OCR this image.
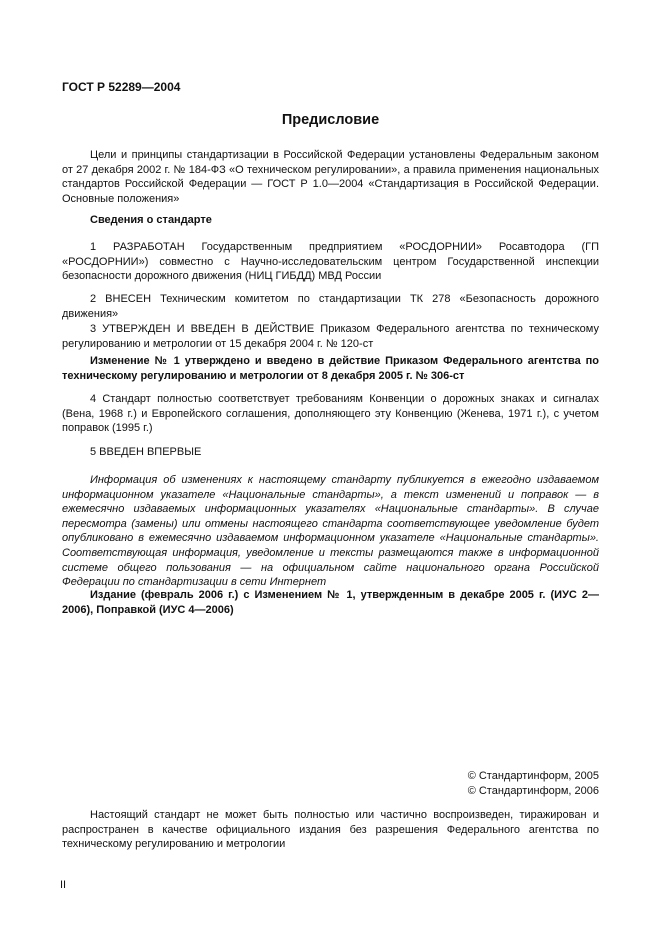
ГОСТ Р 52289—2004
Предисловие

Цели и принципы стандартизации в Российской Федерации установлены Федеральным законом от 27 декабря 2002 г. № 184-ФЗ «О техническом регулировании», а правила применения национальных стандартов Российской Федерации — ГОСТ Р 1.0—2004 «Стандартизация в Российской Федерации. Основные положения»

Сведения о стандарте

1 РАЗРАБОТАН Государственным предприятием «РОСДОРНИИ» Росавтодора (ГП «РОСДОРНИИ») совместно с Научно-исследовательским центром Государственной инспекции безопасности дорожного движения (НИЦ ГИБДД) МВД России

2 ВНЕСЕН Техническим комитетом по стандартизации ТК 278 «Безопасность дорожного движения»

3 УТВЕРЖДЕН И ВВЕДЕН В ДЕЙСТВИЕ Приказом Федерального агентства по техническому регулированию и метрологии от 15 декабря 2004 г. № 120-ст

Изменение № 1 утверждено и введено в действие Приказом Федерального агентства по техническому регулированию и метрологии от 8 декабря 2005 г. № 306-ст

4 Стандарт полностью соответствует требованиям Конвенции о дорожных знаках и сигналах (Вена, 1968 г.) и Европейского соглашения, дополняющего эту Конвенцию (Женева, 1971 г.), с учетом поправок (1995 г.)

5 ВВЕДЕН ВПЕРВЫЕ

Информация об изменениях к настоящему стандарту публикуется в ежегодно издаваемом информационном указателе «Национальные стандарты», а текст изменений и поправок — в ежемесячно издаваемых информационных указателях «Национальные стандарты». В случае пересмотра (замены) или отмены настоящего стандарта соответствующее уведомление будет опубликовано в ежемесячно издаваемом информационном указателе «Национальные стандарты». Соответствующая информация, уведомление и тексты размещаются также в информационной системе общего пользования — на официальном сайте национального органа Российской Федерации по стандартизации в сети Интернет

Издание (февраль 2006 г.) с Изменением № 1, утвержденным в декабре 2005 г. (ИУС 2—2006), Поправкой (ИУС 4—2006)

© Стандартинформ, 2005
© Стандартинформ, 2006

Настоящий стандарт не может быть полностью или частично воспроизведен, тиражирован и распространен в качестве официального издания без разрешения Федерального агентства по техническому регулированию и метрологии

II
